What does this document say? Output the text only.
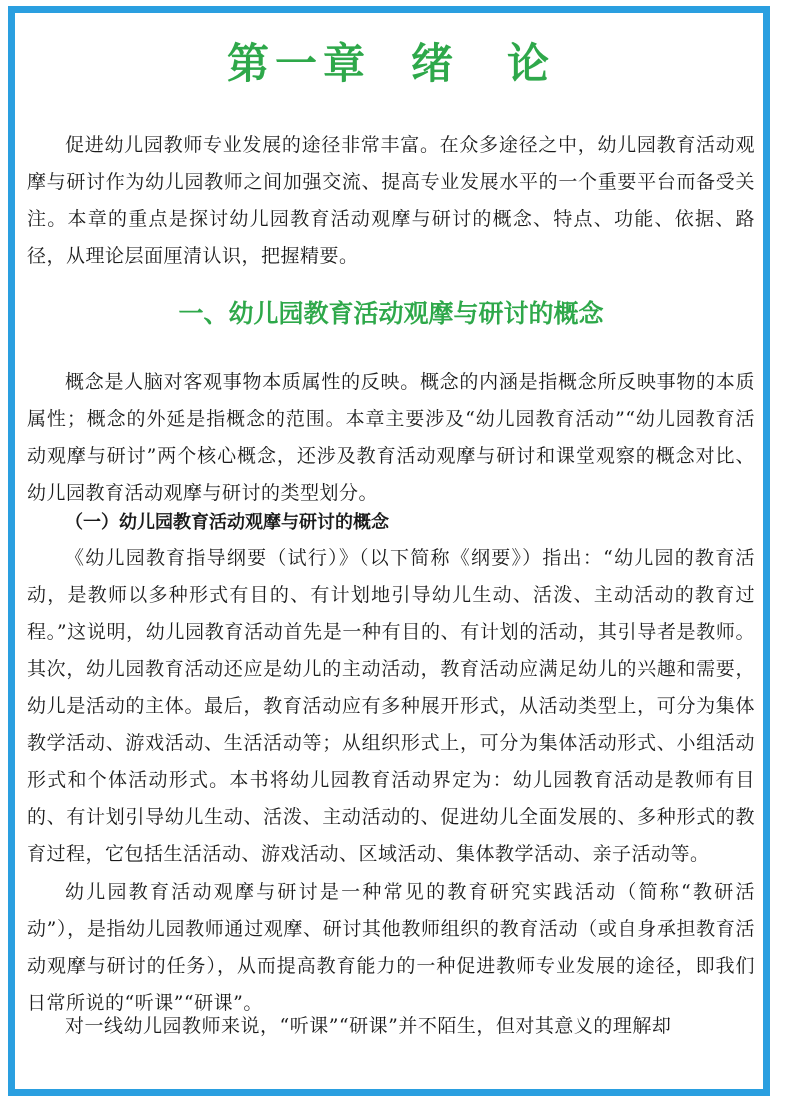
第一章 绪　论

促进幼儿园教师专业发展的途径非常丰富。在众多途径之中，幼儿园教育活动观摩与研讨作为幼儿园教师之间加强交流、提高专业发展水平的一个重要平台而备受关注。本章的重点是探讨幼儿园教育活动观摩与研讨的概念、特点、功能、依据、路径，从理论层面厘清认识，把握精要。

一、幼儿园教育活动观摩与研讨的概念

概念是人脑对客观事物本质属性的反映。概念的内涵是指概念所反映事物的本质属性；概念的外延是指概念的范围。本章主要涉及“幼儿园教育活动”“幼儿园教育活动观摩与研讨”两个核心概念，还涉及教育活动观摩与研讨和课堂观察的概念对比、幼儿园教育活动观摩与研讨的类型划分。

（一）幼儿园教育活动观摩与研讨的概念

《幼儿园教育指导纲要（试行）》（以下简称《纲要》）指出：“幼儿园的教育活动，是教师以多种形式有目的、有计划地引导幼儿生动、活泼、主动活动的教育过程。”这说明，幼儿园教育活动首先是一种有目的、有计划的活动，其引导者是教师。其次，幼儿园教育活动还应是幼儿的主动活动，教育活动应满足幼儿的兴趣和需要，幼儿是活动的主体。最后，教育活动应有多种展开形式，从活动类型上，可分为集体教学活动、游戏活动、生活活动等；从组织形式上，可分为集体活动形式、小组活动形式和个体活动形式。本书将幼儿园教育活动界定为：幼儿园教育活动是教师有目的、有计划引导幼儿生动、活泼、主动活动的、促进幼儿全面发展的、多种形式的教育过程，它包括生活活动、游戏活动、区域活动、集体教学活动、亲子活动等。

幼儿园教育活动观摩与研讨是一种常见的教育研究实践活动（简称“教研活动”），是指幼儿园教师通过观摩、研讨其他教师组织的教育活动（或自身承担教育活动观摩与研讨的任务），从而提高教育能力的一种促进教师专业发展的途径，即我们日常所说的“听课”“研课”。

对一线幼儿园教师来说，“听课”“研课”并不陌生，但对其意义的理解却
